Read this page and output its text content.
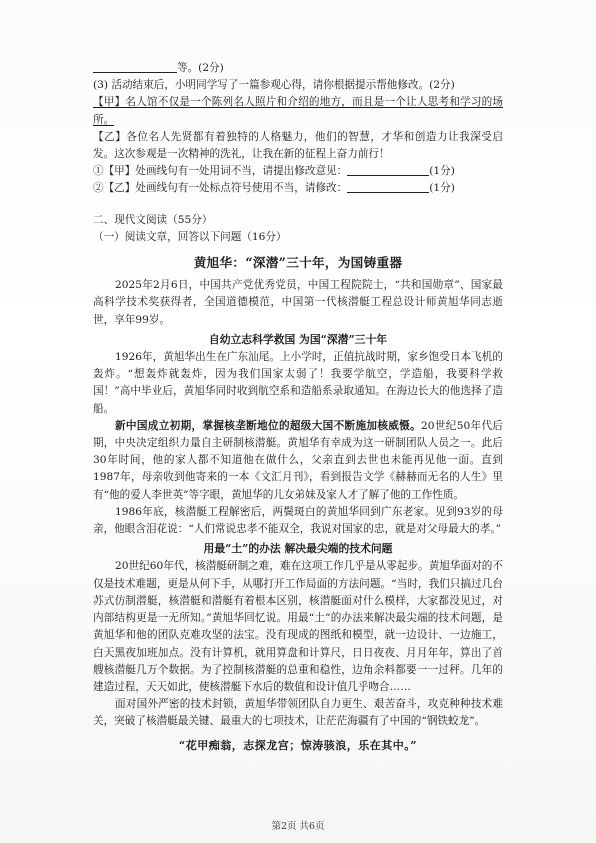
等。(2分)
(3) 活动结束后，小明同学写了一篇参观心得，请你根据提示帮他修改。(2分)
【甲】名人馆不仅是一个陈列名人照片和介绍的地方，而且是一个让人思考和学习的场所。
【乙】各位名人先贤都有着独特的人格魅力，他们的智慧，才华和创造力让我深受启发。这次参观是一次精神的洗礼，让我在新的征程上奋力前行！
①【甲】处画线句有一处用词不当，请提出修改意见：	(1分)
②【乙】处画线句有一处标点符号使用不当，请修改：	(1分)
二、现代文阅读（55分）
（一）阅读文章，回答以下问题（16分）
黄旭华：“深潜”三十年，为国铸重器

2025年2月6日，中国共产党优秀党员，中国工程院院士，“共和国勋章”、国家最高科学技术奖获得者，全国道德模范，中国第一代核潜艇工程总设计师黄旭华同志逝世，享年99岁。

自幼立志科学救国 为国“深潜”三十年

1926年，黄旭华出生在广东汕尾。上小学时，正值抗战时期，家乡饱受日本飞机的轰炸。“想轰炸就轰炸，因为我们国家太弱了！我要学航空，学造船，我要科学救国！”高中毕业后，黄旭华同时收到航空系和造船系录取通知。在海边长大的他选择了造船。

新中国成立初期，掌握核垄断地位的超级大国不断施加核威慑。20世纪50年代后期，中央决定组织力量自主研制核潜艇。黄旭华有幸成为这一研制团队人员之一。此后30年时间，他的家人都不知道他在做什么，父亲直到去世也未能再见他一面。直到1987年，母亲收到他寄来的一本《文汇月刊》，看到报告文学《赫赫而无名的人生》里有“他的爱人李世英”等字眼，黄旭华的儿女弟妹及家人才了解了他的工作性质。

1986年底，核潜艇工程解密后，两鬓斑白的黄旭华回到广东老家。见到93岁的母亲，他眼含泪花说：“人们常说忠孝不能双全，我说对国家的忠，就是对父母最大的孝。”

用最“土”的办法 解决最尖端的技术问题

20世纪60年代，核潜艇研制之难，难在这项工作几乎是从零起步。黄旭华面对的不仅是技术难题，更是从何下手，从哪打开工作局面的方法问题。“当时，我们只搞过几台苏式仿制潜艇，核潜艇和潜艇有着根本区别，核潜艇面对什么模样，大家都没见过，对内部结构更是一无所知。”黄旭华回忆说。用最“土”的办法来解决最尖端的技术问题，是黄旭华和他的团队克难攻坚的法宝。没有现成的图纸和模型，就一边设计、一边施工，白天黑夜加班加点。没有计算机，就用算盘和计算尺，日日夜夜、月月年年，算出了首艘核潜艇几万个数据。为了控制核潜艇的总重和稳性，边角余料都要一一过秤。几年的建造过程，天天如此，使核潜艇下水后的数值和设计值几乎吻合……

面对国外严密的技术封锁，黄旭华带领团队自力更生、艰苦奋斗，攻克种种技术难关，突破了核潜艇最关键、最重大的七项技术，让茫茫海疆有了中国的“钢铁蛟龙”。

“花甲痴翁，志探龙宫；惊涛骇浪，乐在其中。”
第2页 共6页
